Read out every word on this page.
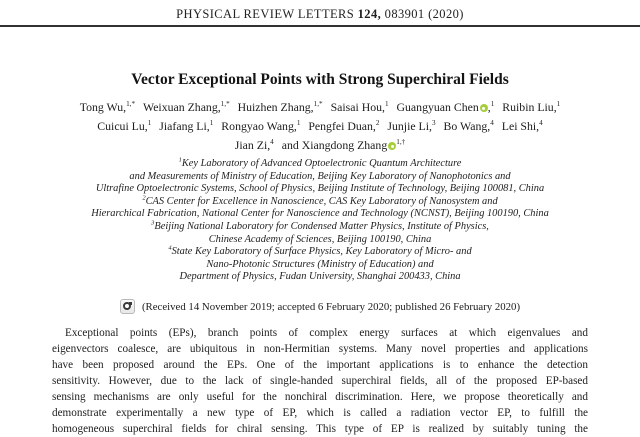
PHYSICAL REVIEW LETTERS 124, 083901 (2020)
Vector Exceptional Points with Strong Superchiral Fields
Tong Wu,$^{1,*}$ Weixuan Zhang,$^{1,*}$ Huizhen Zhang,$^{1,*}$ Saisai Hou,$^1$ Guangyuan Chen ,$^1$ Ruibin Liu,$^1$
Cuicui Lu,$^1$ Jiafang Li,$^1$ Rongyao Wang,$^1$ Pengfei Duan,$^2$ Junjie Li,$^3$ Bo Wang,$^4$ Lei Shi,$^4$
Jian Zi,$^4$ and Xiangdong Zhang $^{1,\dagger}$
$^1$Key Laboratory of Advanced Optoelectronic Quantum Architecture
and Measurements of Ministry of Education, Beijing Key Laboratory of Nanophotonics and
Ultrafine Optoelectronic Systems, School of Physics, Beijing Institute of Technology, Beijing 100081, China
$^2$CAS Center for Excellence in Nanoscience, CAS Key Laboratory of Nanosystem and
Hierarchical Fabrication, National Center for Nanoscience and Technology (NCNST), Beijing 100190, China
$^3$Beijing National Laboratory for Condensed Matter Physics, Institute of Physics,
Chinese Academy of Sciences, Beijing 100190, China
$^4$State Key Laboratory of Surface Physics, Key Laboratory of Micro- and
Nano-Photonic Structures (Ministry of Education) and
Department of Physics, Fudan University, Shanghai 200433, China
(Received 14 November 2019; accepted 6 February 2020; published 26 February 2020)
Exceptional points (EPs), branch points of complex energy surfaces at which eigenvalues and
eigenvectors coalesce, are ubiquitous in non-Hermitian systems. Many novel properties and applications
have been proposed around the EPs. One of the important applications is to enhance the detection
sensitivity. However, due to the lack of single-handed superchiral fields, all of the proposed EP-based
sensing mechanisms are only useful for the nonchiral discrimination. Here, we propose theoretically and
demonstrate experimentally a new type of EP, which is called a radiation vector EP, to fulfill the
homogeneous superchiral fields for chiral sensing. This type of EP is realized by suitably tuning the
